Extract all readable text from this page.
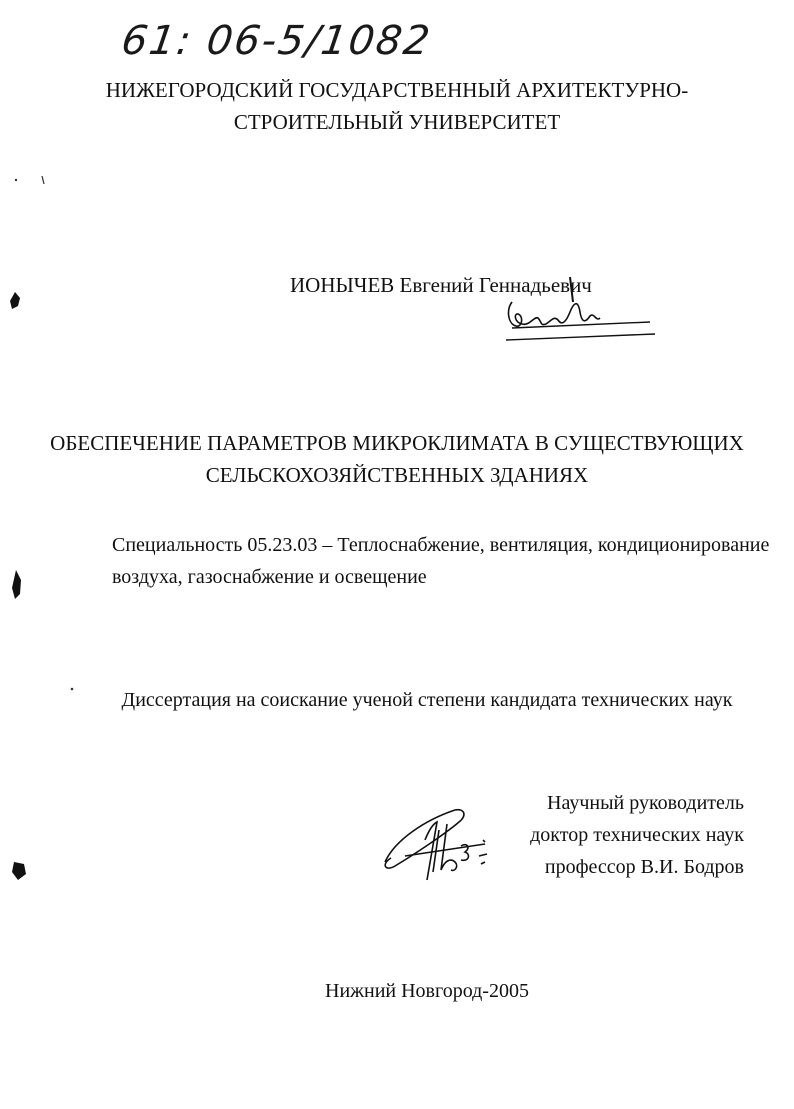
61: 06-5/1082
НИЖЕГОРОДСКИЙ ГОСУДАРСТВЕННЫЙ АРХИТЕКТУРНО-
СТРОИТЕЛЬНЫЙ УНИВЕРСИТЕТ
ИОНЫЧЕВ Евгений Геннадьевич
ОБЕСПЕЧЕНИЕ ПАРАМЕТРОВ МИКРОКЛИМАТА В СУЩЕСТВУЮЩИХ
СЕЛЬСКОХОЗЯЙСТВЕННЫХ ЗДАНИЯХ
Специальность 05.23.03 – Теплоснабжение, вентиляция, кондиционирование
воздуха, газоснабжение и освещение
Диссертация на соискание ученой степени кандидата технических наук
Научный руководитель
доктор технических наук
профессор В.И. Бодров
Нижний Новгород-2005
